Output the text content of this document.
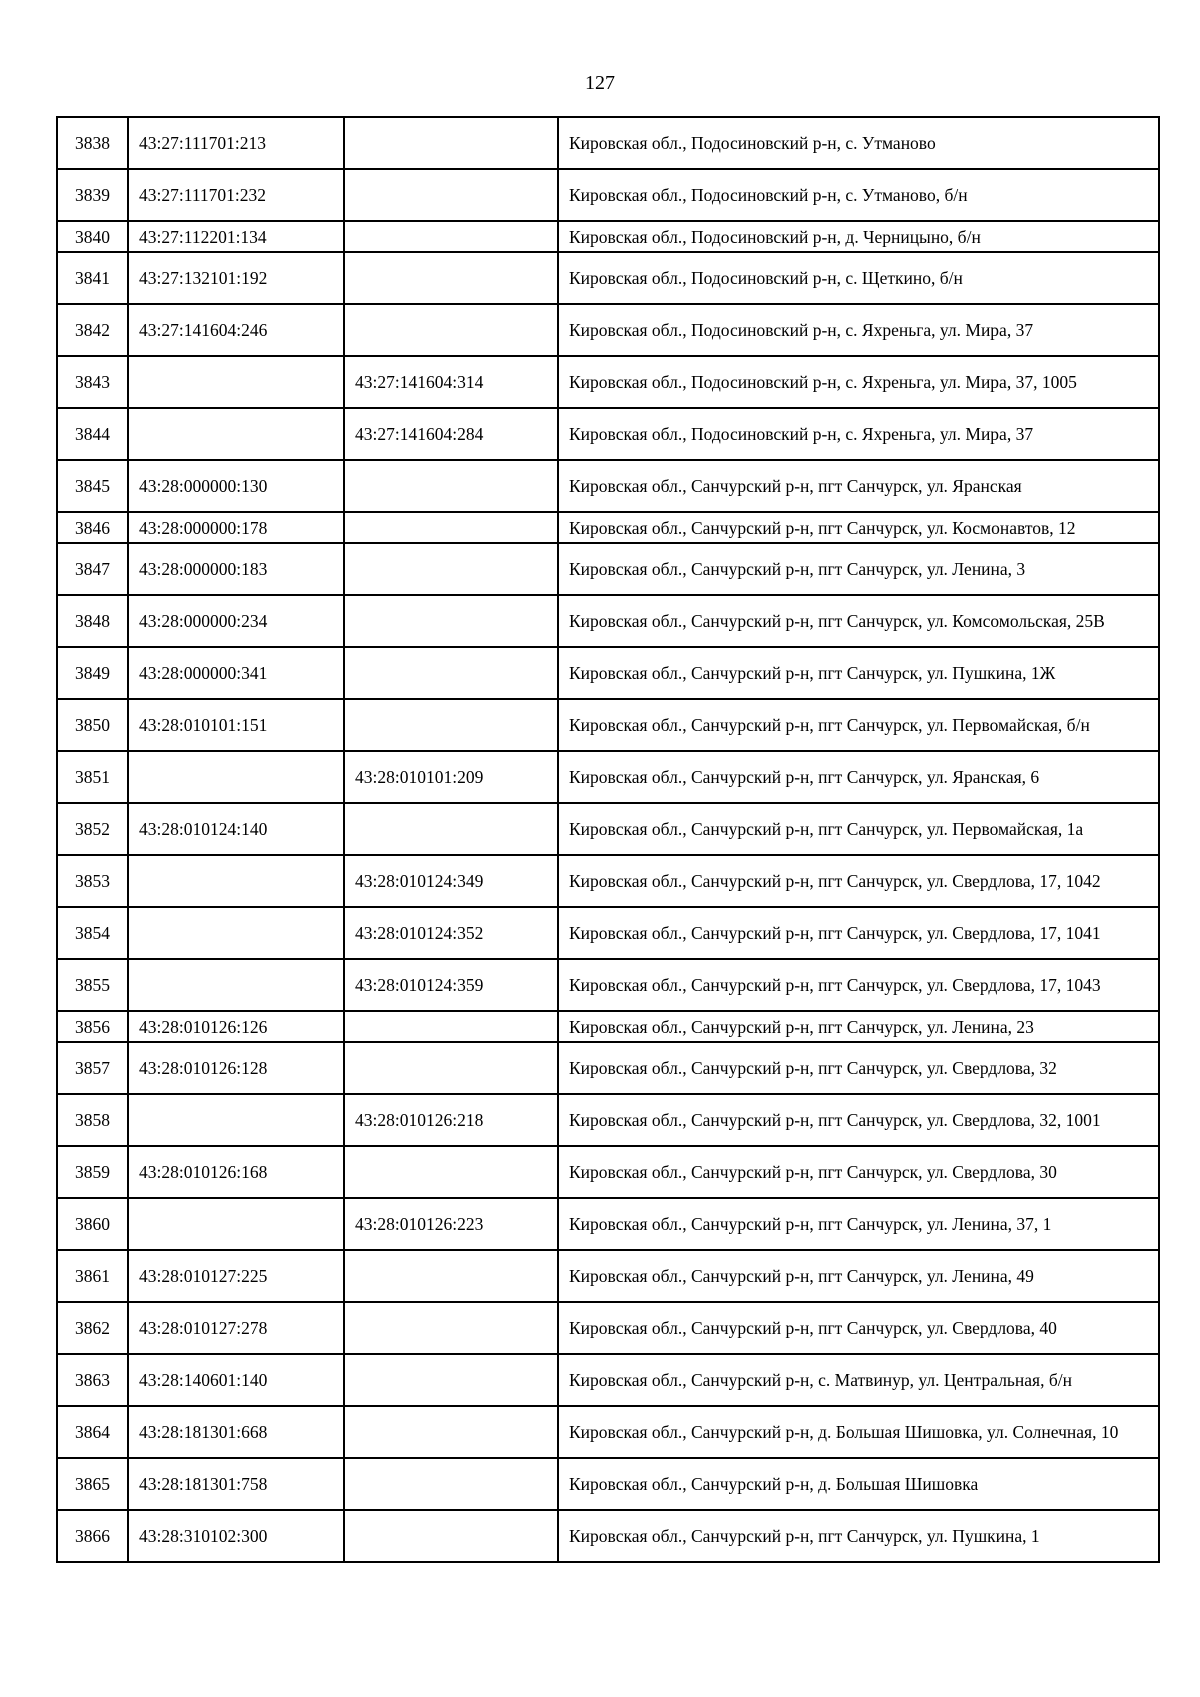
127
3838	43:27:111701:213		Кировская обл., Подосиновский р-н, с. Утманово
3839	43:27:111701:232		Кировская обл., Подосиновский р-н, с. Утманово, б/н
3840	43:27:112201:134		Кировская обл., Подосиновский р-н, д. Черницыно, б/н
3841	43:27:132101:192		Кировская обл., Подосиновский р-н, с. Щеткино, б/н
3842	43:27:141604:246		Кировская обл., Подосиновский р-н, с. Яхреньга, ул. Мира, 37
3843		43:27:141604:314	Кировская обл., Подосиновский р-н, с. Яхреньга, ул. Мира, 37, 1005
3844		43:27:141604:284	Кировская обл., Подосиновский р-н, с. Яхреньга, ул. Мира, 37
3845	43:28:000000:130		Кировская обл., Санчурский р-н, пгт Санчурск, ул. Яранская
3846	43:28:000000:178		Кировская обл., Санчурский р-н, пгт Санчурск, ул. Космонавтов, 12
3847	43:28:000000:183		Кировская обл., Санчурский р-н, пгт Санчурск, ул. Ленина, 3
3848	43:28:000000:234		Кировская обл., Санчурский р-н, пгт Санчурск, ул. Комсомольская, 25В
3849	43:28:000000:341		Кировская обл., Санчурский р-н, пгт Санчурск, ул. Пушкина, 1Ж
3850	43:28:010101:151		Кировская обл., Санчурский р-н, пгт Санчурск, ул. Первомайская, б/н
3851		43:28:010101:209	Кировская обл., Санчурский р-н, пгт Санчурск, ул. Яранская, 6
3852	43:28:010124:140		Кировская обл., Санчурский р-н, пгт Санчурск, ул. Первомайская, 1а
3853		43:28:010124:349	Кировская обл., Санчурский р-н, пгт Санчурск, ул. Свердлова, 17, 1042
3854		43:28:010124:352	Кировская обл., Санчурский р-н, пгт Санчурск, ул. Свердлова, 17, 1041
3855		43:28:010124:359	Кировская обл., Санчурский р-н, пгт Санчурск, ул. Свердлова, 17, 1043
3856	43:28:010126:126		Кировская обл., Санчурский р-н, пгт Санчурск, ул. Ленина, 23
3857	43:28:010126:128		Кировская обл., Санчурский р-н, пгт Санчурск, ул. Свердлова, 32
3858		43:28:010126:218	Кировская обл., Санчурский р-н, пгт Санчурск, ул. Свердлова, 32, 1001
3859	43:28:010126:168		Кировская обл., Санчурский р-н, пгт Санчурск, ул. Свердлова, 30
3860		43:28:010126:223	Кировская обл., Санчурский р-н, пгт Санчурск, ул. Ленина, 37, 1
3861	43:28:010127:225		Кировская обл., Санчурский р-н, пгт Санчурск, ул. Ленина, 49
3862	43:28:010127:278		Кировская обл., Санчурский р-н, пгт Санчурск, ул. Свердлова, 40
3863	43:28:140601:140		Кировская обл., Санчурский р-н, с. Матвинур, ул. Центральная, б/н
3864	43:28:181301:668		Кировская обл., Санчурский р-н, д. Большая Шишовка, ул. Солнечная, 10
3865	43:28:181301:758		Кировская обл., Санчурский р-н, д. Большая Шишовка
3866	43:28:310102:300		Кировская обл., Санчурский р-н, пгт Санчурск, ул. Пушкина, 1
